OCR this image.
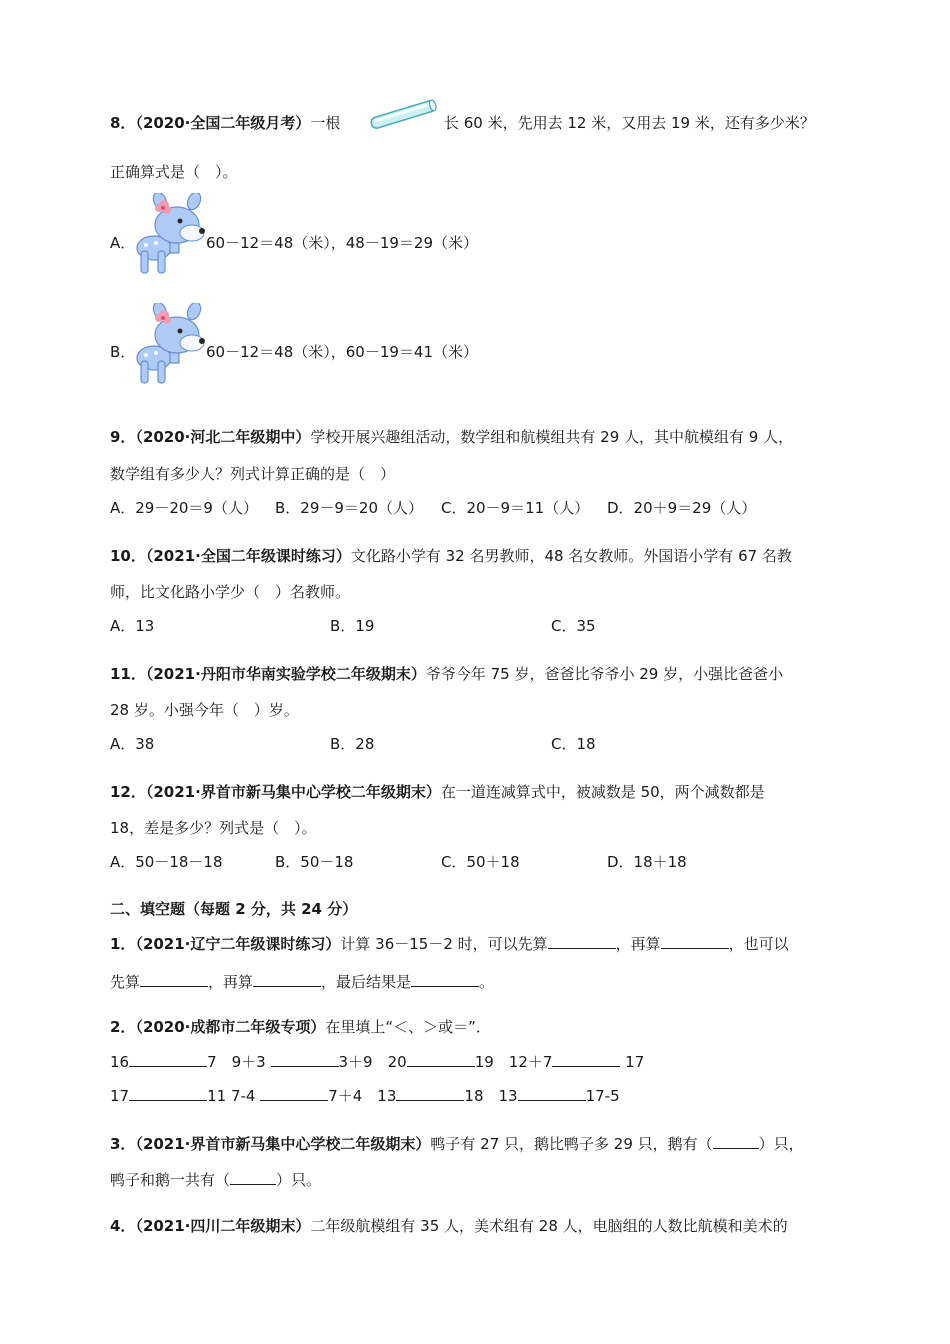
8．（2020·全国二年级月考）一根	长 60 米，先用去 12 米，又用去 19 米，还有多少米？
正确算式是（　）。
A．	60－12＝48（米），48－19＝29（米）
B．	60－12＝48（米），60－19＝41（米）
9．（2020·河北二年级期中）学校开展兴趣组活动，数学组和航模组共有 29 人，其中航模组有 9 人，
数学组有多少人？列式计算正确的是（　）
A．29－20＝9（人） B．29－9＝20（人） C．20－9＝11（人） D．20＋9＝29（人）
10．（2021·全国二年级课时练习）文化路小学有 32 名男教师，48 名女教师。外国语小学有 67 名教
师，比文化路小学少（　）名教师。
A．13	B．19	C．35
11．（2021·丹阳市华南实验学校二年级期末）爷爷今年 75 岁，爸爸比爷爷小 29 岁，小强比爸爸小
28 岁。小强今年（　）岁。
A．38	B．28	C．18
12．（2021·界首市新马集中心学校二年级期末）在一道连减算式中，被减数是 50，两个减数都是
18，差是多少？列式是（　）。
A．50－18－18	B．50－18	C．50＋18	D．18＋18
二、填空题（每题 2 分，共 24 分）
1．（2021·辽宁二年级课时练习）计算 36－15－2 时，可以先算	，再算	，也可以
先算	，再算	，最后结果是	。
2．（2020·成都市二年级专项）在里填上“＜、＞或＝”．
16	7　9＋3	3＋9　20	19　12＋7	17
17	11 7-4	7＋4　13	18　13	17-5
3．（2021·界首市新马集中心学校二年级期末）鸭子有 27 只，鹅比鸭子多 29 只，鹅有（	）只，
鸭子和鹅一共有（	）只。
4．（2021·四川二年级期末）二年级航模组有 35 人，美术组有 28 人，电脑组的人数比航模和美术的
